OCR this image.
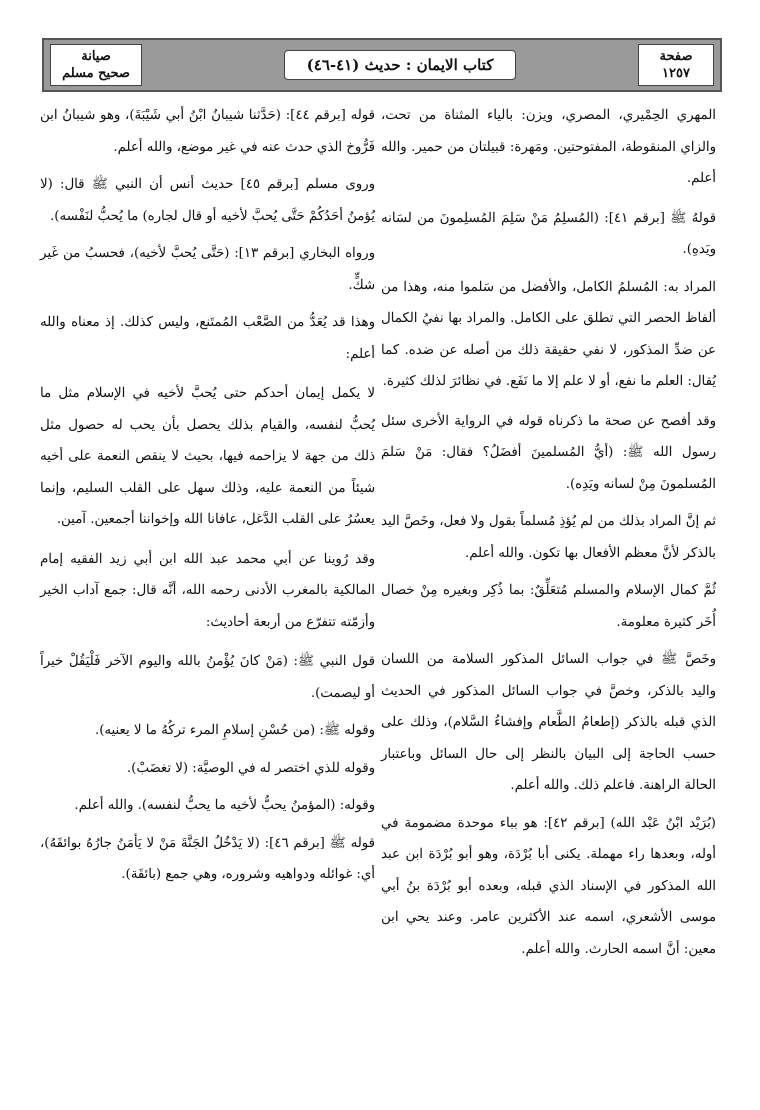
صفحة
١٢٥٧
كتاب الايمان : حديث (٤١-٤٦)
صيانة
صحيح مسلم

المهري الحِمْيري، المصري، ويزن: بالياء المثناة من تحت، والزاي المنقوطة، المفتوحتين. ومَهرة: قبيلتان من حمير. والله أعلم.

قولهُ ﷺ [برقم ٤١]: (المُسلِمُ مَنْ سَلِمَ المُسلِمونَ من لسَانه ويَدهِ).

المراد به: المُسلمُ الكامل، والأفضل من سَلموا منه، وهذا من ألفاظ الحصر التي تطلق على الكامل. والمراد بها نفيُ الكمال عن ضدِّ المذكور، لا نفي حقيقة ذلك من أصله عن ضده. كما يُقال: العلم ما نفع، أو لا علم إلا ما نَفَع. في نظائرَ لذلك كثيرة.

وقد أفصح عن صحة ما ذكرناه قوله في الرواية الأخرى سئل رسول الله ﷺ: (أيُّ المُسلمينَ أفضَلُ؟ فقال: مَنْ سَلمَ المُسلمونَ مِنْ لسانه ويَدِه).

ثم إنَّ المراد بذلك من لم يُؤذِ مُسلماً بقول ولا فعل، وخَصَّ اليد بالذكر لأنَّ معظم الأفعال بها تكون. والله أعلم.

ثُمَّ كمال الإسلام والمسلم مُتعَلِّقٌ: بما ذُكِر وبغيره مِنْ خصال أُخَر كثيرة معلومة.

وخَصَّ ﷺ في جواب السائل المذكور السلامة من اللسان واليد بالذكر، وخصَّ في جواب السائل المذكور في الحديث الذي قبله بالذكر (إطعامُ الطَّعام وإفشاءُ السَّلام)، وذلك على حسب الحاجة إلى البيان بالنظر إلى حال السائل وباعتبار الحالة الراهنة. فاعلم ذلك. والله أعلم.

(بُرَيْد ابْنُ عَبْد الله) [برقم ٤٢]: هو بباء موحدة مضمومة في أوله، وبعدها راء مهملة. يكنى أبا بُرْدَة، وهو أبو بُرْدَة ابن عبد الله المذكور في الإسناد الذي قبله، وبعده أبو بُرْدَة بنُ أبي موسى الأشعري، اسمه عند الأكثرين عامر. وعند يحي ابن معين: أنَّ اسمه الحارث. والله أعلم.

قوله [برقم ٤٤]: (حَدَّثنا شيبانُ ابْنُ أبي شَيْبَةَ)، وهو شيبانُ ابن فَرُّوخ الذي حدث عنه في غير موضع، والله أعلم.

وروى مسلم [برقم ٤٥] حديث أنس أن النبي ﷺ قال: (لا يُؤمنُ أحَدُكُمْ حَتَّى يُحبَّ لأخيه أو قال لجاره) ما يُحبُّ لنَفْسه).

ورواه البخاري [برقم ١٣]: (حَتَّى يُحبَّ لأخيه)، فحسبُ من غَير شكٍّ.

وهذا قد يُعَدُّ من الصَّعْب المُمتَنع، وليس كذلك. إذ معناه والله أعلم:

لا يكمل إيمان أحدكم حتى يُحبَّ لأخيه في الإسلام مثل ما يُحبُّ لنفسه، والقيام بذلك يحصل بأن يحب له حصول مثل ذلك من جهة لا يزاحمه فيها، بحيث لا ينقص النعمة على أخيه شيئاً من النعمة عليه، وذلك سهل على القلب السليم، وإنما يعسُرُ على القلب الدَّغل، عافانا الله وإخواننا أجمعين. آمين.

وقد رُوينا عن أبي محمد عبد الله ابن أبي زيد الفقيه إمام المالكية بالمغرب الأدنى رحمه الله، أنَّه قال: جمع آداب الخير وأزمّته تتفرّع من أربعة أحاديث:

قول النبي ﷺ: (مَنْ كانَ يُؤْمنُ بالله واليوم الآخر فَلْيَقُلْ خيراً أو ليصمت).

وقوله ﷺ: (من حُسْنِ إسلامِ المرء تركُهُ ما لا يعنيه).

وقوله للذي اختصر له في الوصيَّة: (لا تغضَبْ).

وقوله: (المؤمنُ يحبُّ لأخيه ما يحبُّ لنفسه). والله أعلم.

قوله ﷺ [برقم ٤٦]: (لا يَدْخُلُ الجَنَّةَ مَنْ لا يَأمَنُ جارُهُ بوائقَهُ)، أي: غوائله ودواهيه وشروره، وهي جمع (بائقَة).
